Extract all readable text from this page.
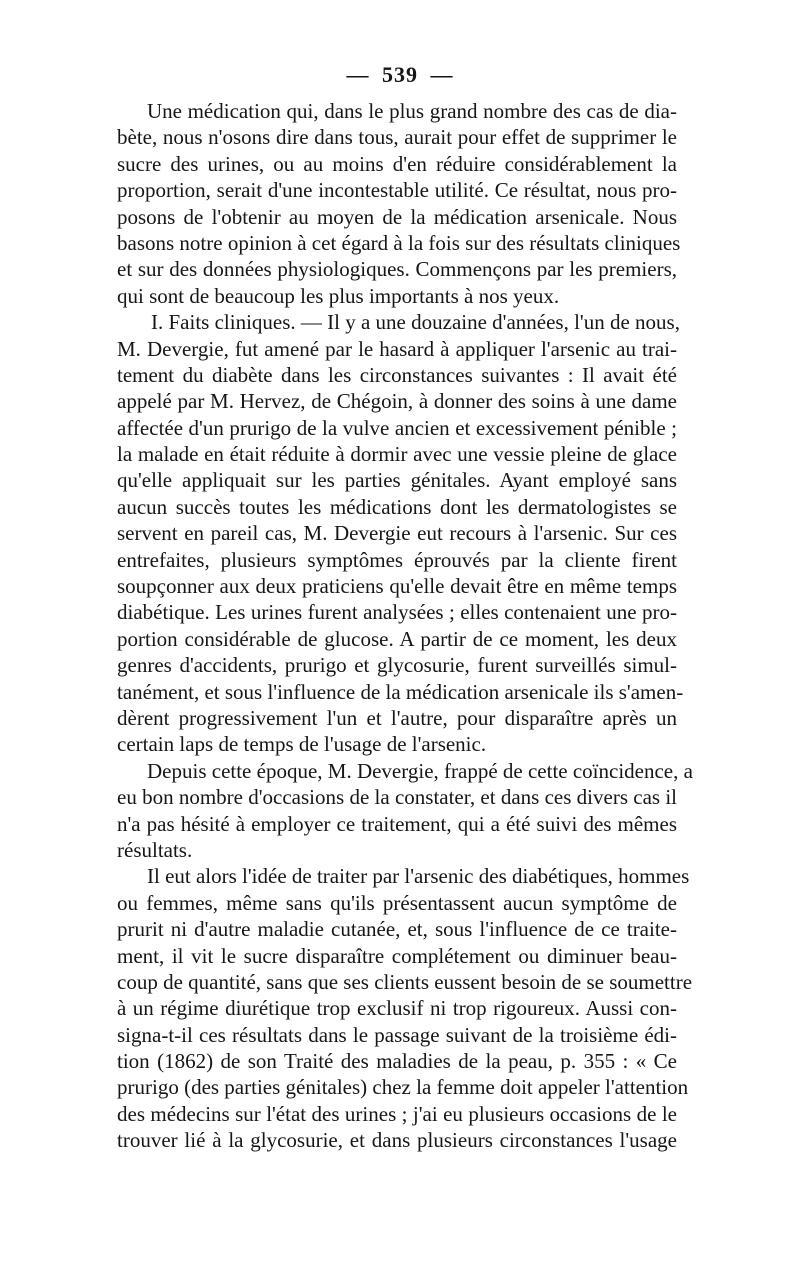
— 539 —
Une médication qui, dans le plus grand nombre des cas de dia-
bète, nous n'osons dire dans tous, aurait pour effet de supprimer le
sucre des urines, ou au moins d'en réduire considérablement la
proportion, serait d'une incontestable utilité. Ce résultat, nous pro-
posons de l'obtenir au moyen de la médication arsenicale. Nous
basons notre opinion à cet égard à la fois sur des résultats cliniques
et sur des données physiologiques. Commençons par les premiers,
qui sont de beaucoup les plus importants à nos yeux.
I. Faits cliniques. — Il y a une douzaine d'années, l'un de nous,
M. Devergie, fut amené par le hasard à appliquer l'arsenic au trai-
tement du diabète dans les circonstances suivantes : Il avait été
appelé par M. Hervez, de Chégoin, à donner des soins à une dame
affectée d'un prurigo de la vulve ancien et excessivement pénible ;
la malade en était réduite à dormir avec une vessie pleine de glace
qu'elle appliquait sur les parties génitales. Ayant employé sans
aucun succès toutes les médications dont les dermatologistes se
servent en pareil cas, M. Devergie eut recours à l'arsenic. Sur ces
entrefaites, plusieurs symptômes éprouvés par la cliente firent
soupçonner aux deux praticiens qu'elle devait être en même temps
diabétique. Les urines furent analysées ; elles contenaient une pro-
portion considérable de glucose. A partir de ce moment, les deux
genres d'accidents, prurigo et glycosurie, furent surveillés simul-
tanément, et sous l'influence de la médication arsenicale ils s'amen-
dèrent progressivement l'un et l'autre, pour disparaître après un
certain laps de temps de l'usage de l'arsenic.
Depuis cette époque, M. Devergie, frappé de cette coïncidence, a
eu bon nombre d'occasions de la constater, et dans ces divers cas il
n'a pas hésité à employer ce traitement, qui a été suivi des mêmes
résultats.
Il eut alors l'idée de traiter par l'arsenic des diabétiques, hommes
ou femmes, même sans qu'ils présentassent aucun symptôme de
prurit ni d'autre maladie cutanée, et, sous l'influence de ce traite-
ment, il vit le sucre disparaître complétement ou diminuer beau-
coup de quantité, sans que ses clients eussent besoin de se soumettre
à un régime diurétique trop exclusif ni trop rigoureux. Aussi con-
signa-t-il ces résultats dans le passage suivant de la troisième édi-
tion (1862) de son Traité des maladies de la peau, p. 355 : « Ce
prurigo (des parties génitales) chez la femme doit appeler l'attention
des médecins sur l'état des urines ; j'ai eu plusieurs occasions de le
trouver lié à la glycosurie, et dans plusieurs circonstances l'usage
